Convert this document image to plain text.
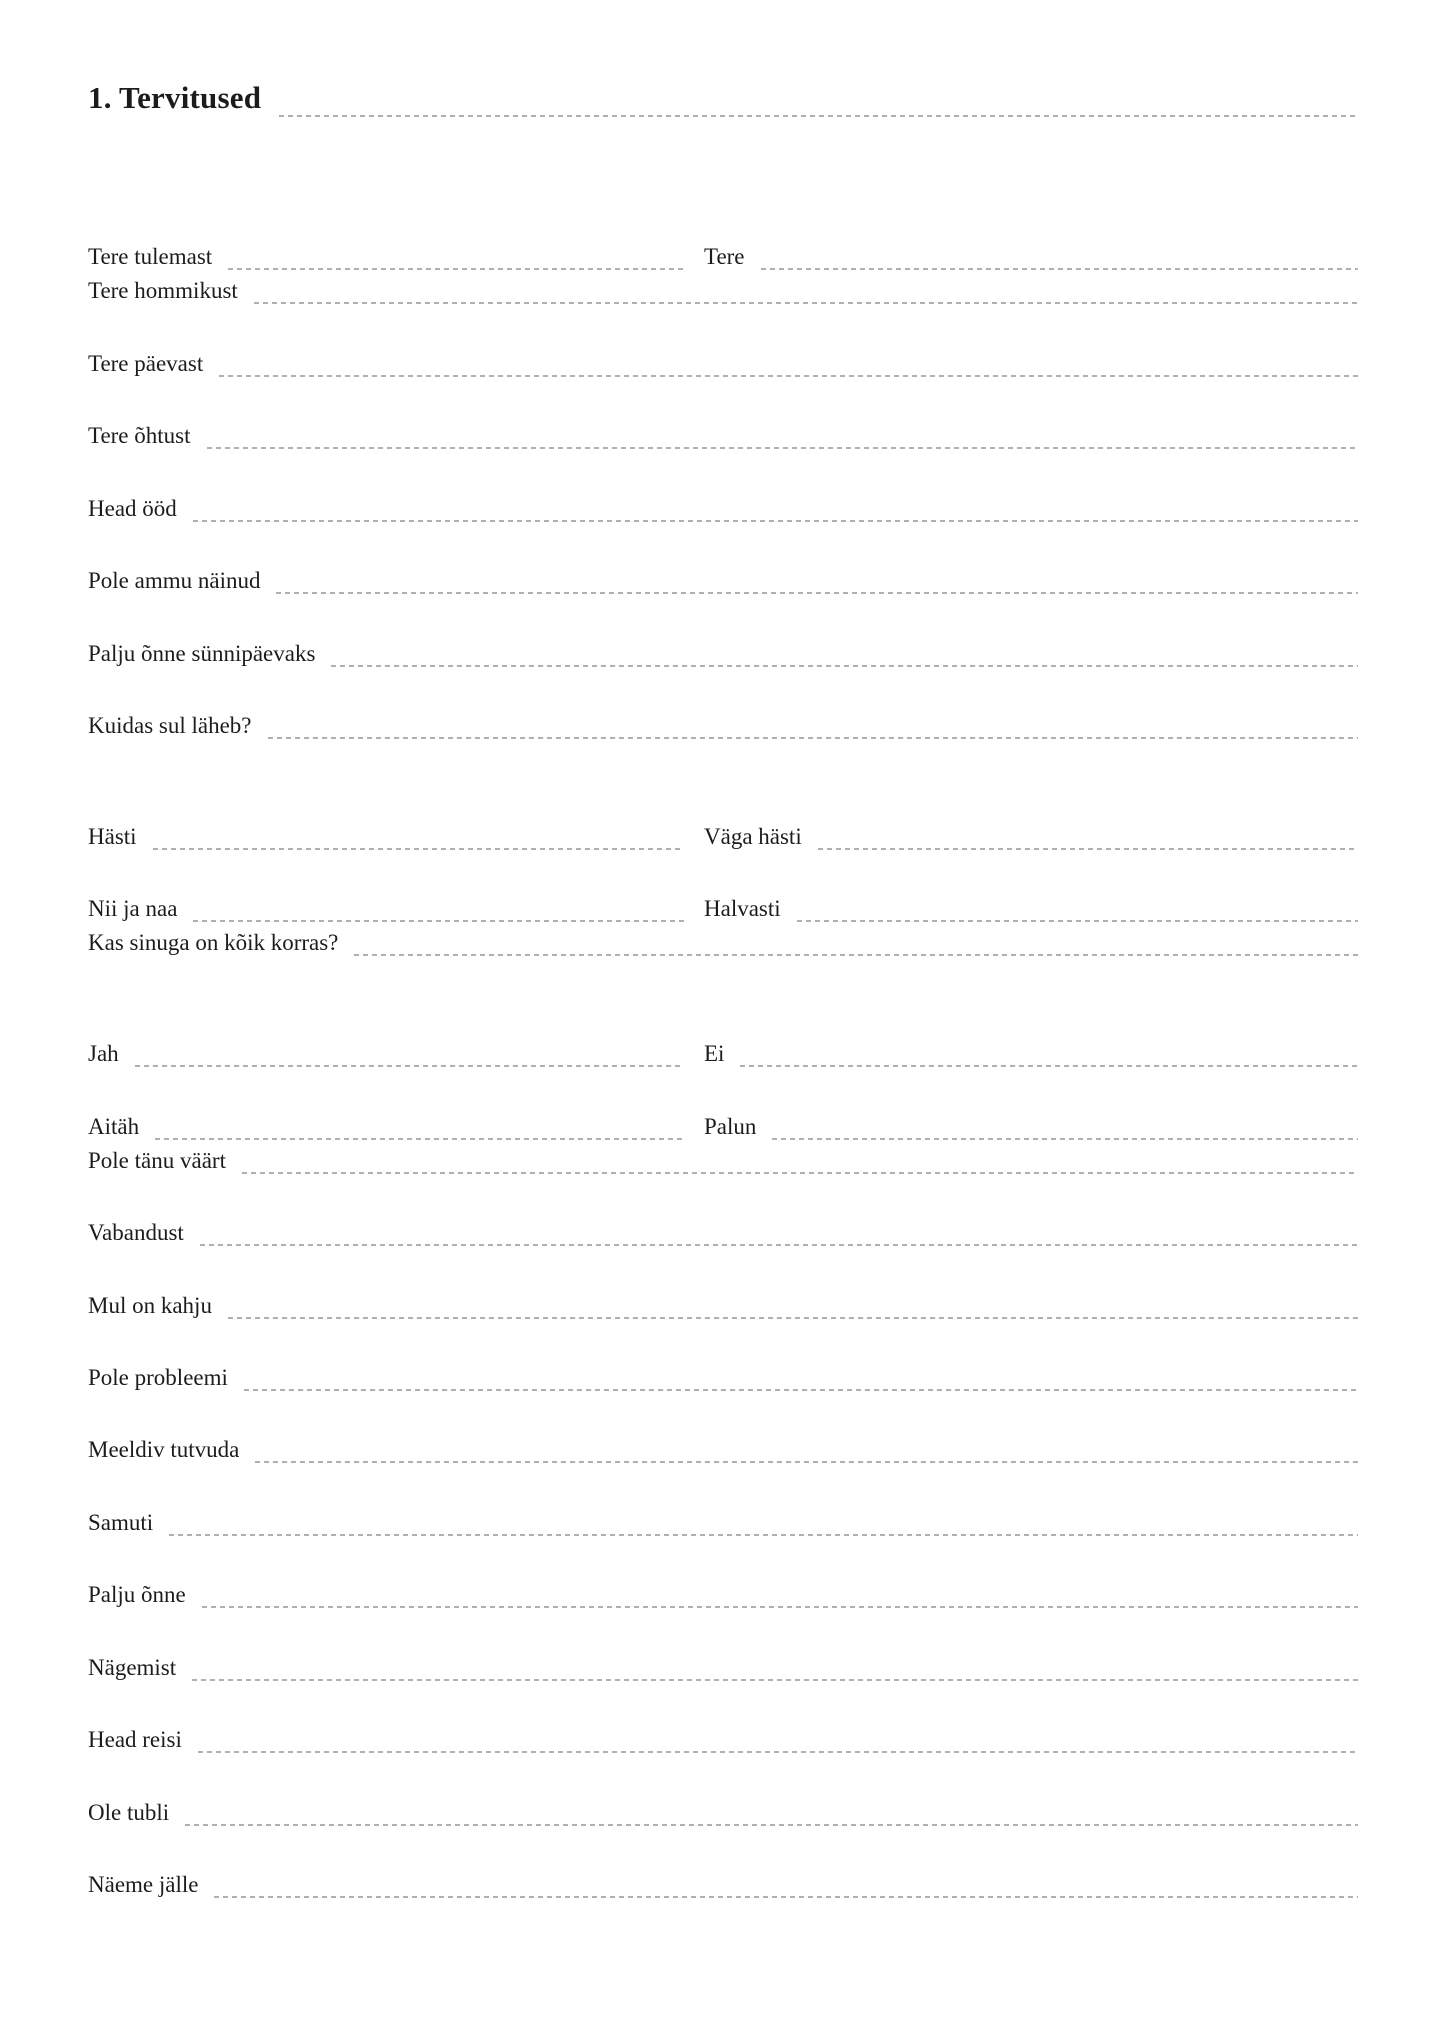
1. Tervitused
Tere tulemast	Tere
Tere hommikust
Tere päevast
Tere õhtust
Head ööd
Pole ammu näinud
Palju õnne sünnipäevaks
Kuidas sul läheb?
Hästi	Väga hästi
Nii ja naa	Halvasti
Kas sinuga on kõik korras?
Jah	Ei
Aitäh	Palun
Pole tänu väärt
Vabandust
Mul on kahju
Pole probleemi
Meeldiv tutvuda
Samuti
Palju õnne
Nägemist
Head reisi
Ole tubli
Näeme jälle
